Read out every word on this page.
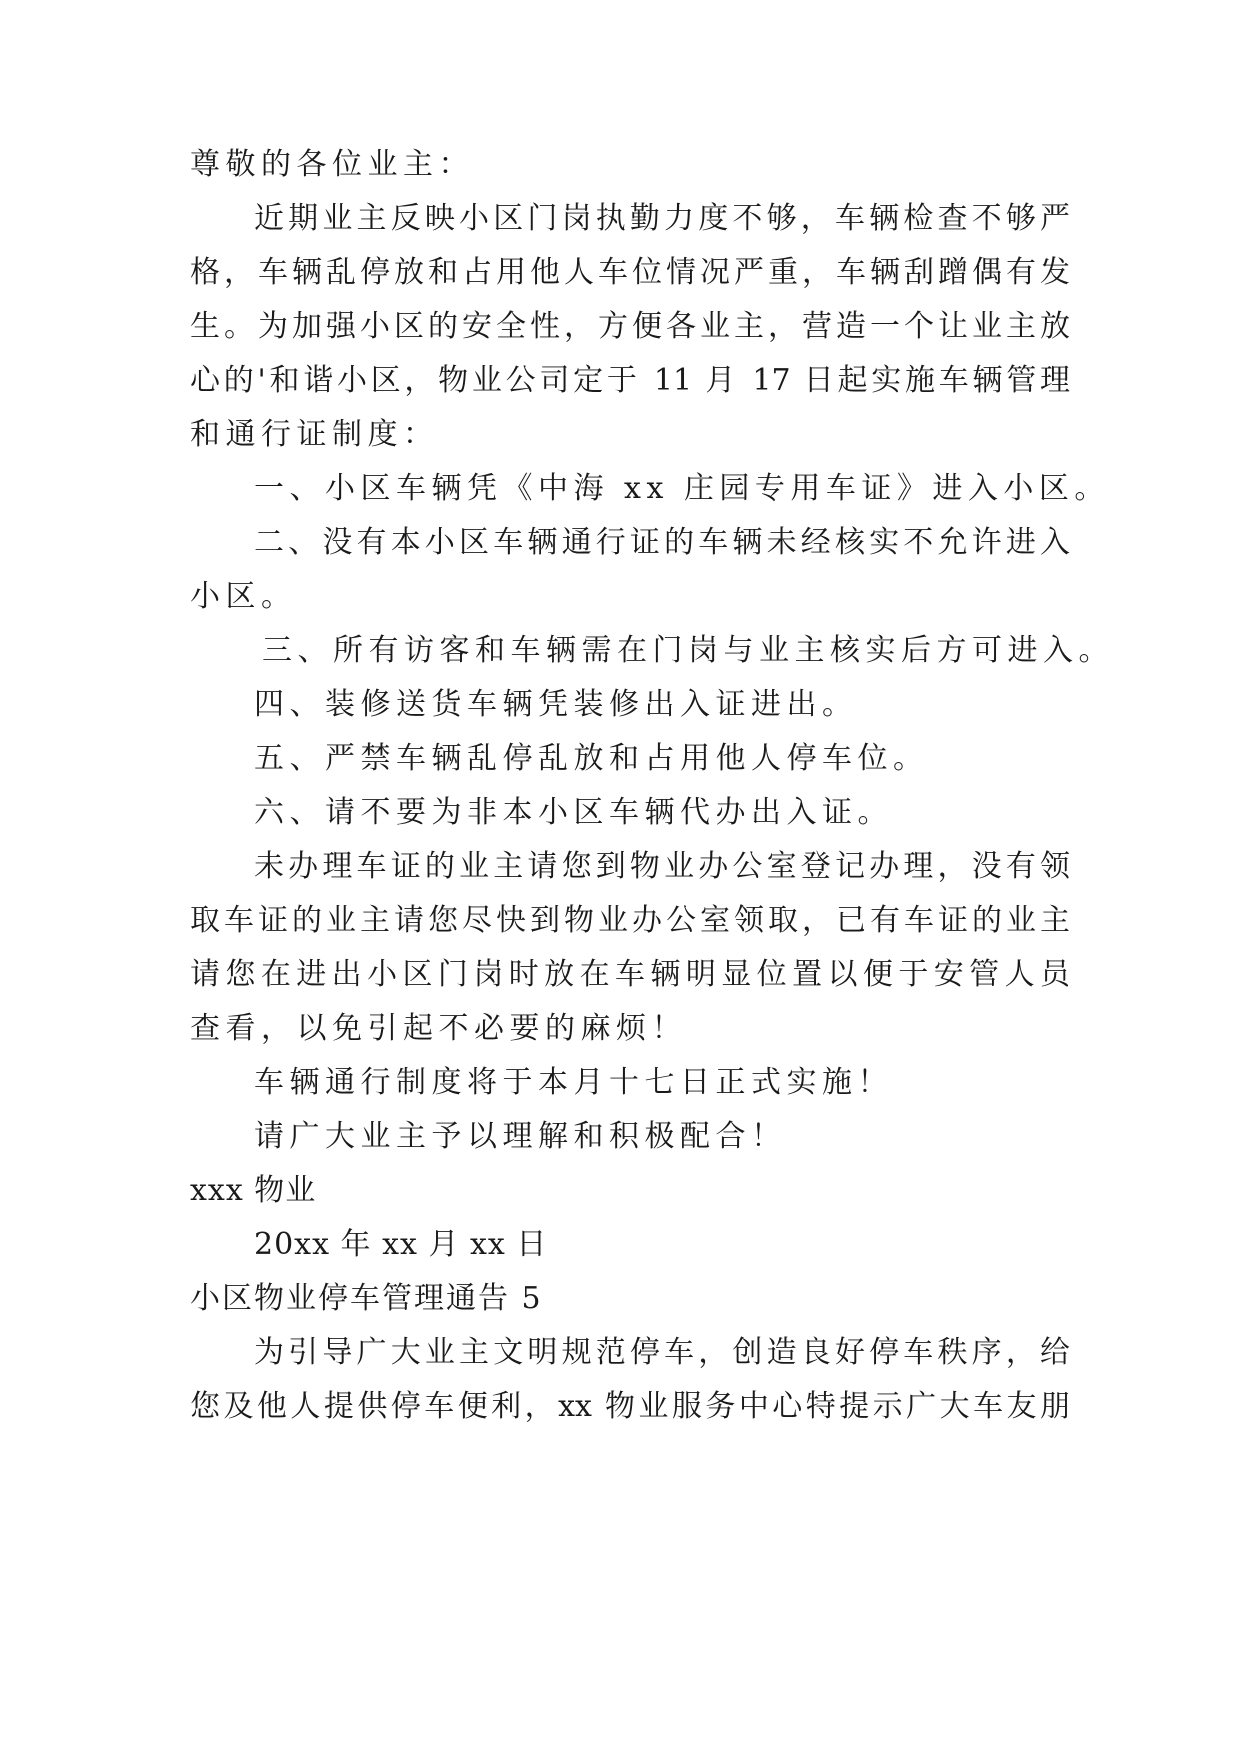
尊敬的各位业主：
近期业主反映小区门岗执勤力度不够，车辆检查不够严
格，车辆乱停放和占用他人车位情况严重，车辆刮蹭偶有发
生。为加强小区的安全性，方便各业主，营造一个让业主放
心的'和谐小区，物业公司定于 11 月 17 日起实施车辆管理
和通行证制度：
一、小区车辆凭《中海 xx 庄园专用车证》进入小区。
二、没有本小区车辆通行证的车辆未经核实不允许进入
小区。
三、所有访客和车辆需在门岗与业主核实后方可进入。
四、装修送货车辆凭装修出入证进出。
五、严禁车辆乱停乱放和占用他人停车位。
六、请不要为非本小区车辆代办出入证。
未办理车证的业主请您到物业办公室登记办理，没有领
取车证的业主请您尽快到物业办公室领取，已有车证的业主
请您在进出小区门岗时放在车辆明显位置以便于安管人员
查看，以免引起不必要的麻烦！
车辆通行制度将于本月十七日正式实施！
请广大业主予以理解和积极配合！
xxx 物业
20xx 年 xx 月 xx 日
小区物业停车管理通告 5
为引导广大业主文明规范停车，创造良好停车秩序，给
您及他人提供停车便利，xx 物业服务中心特提示广大车友朋
